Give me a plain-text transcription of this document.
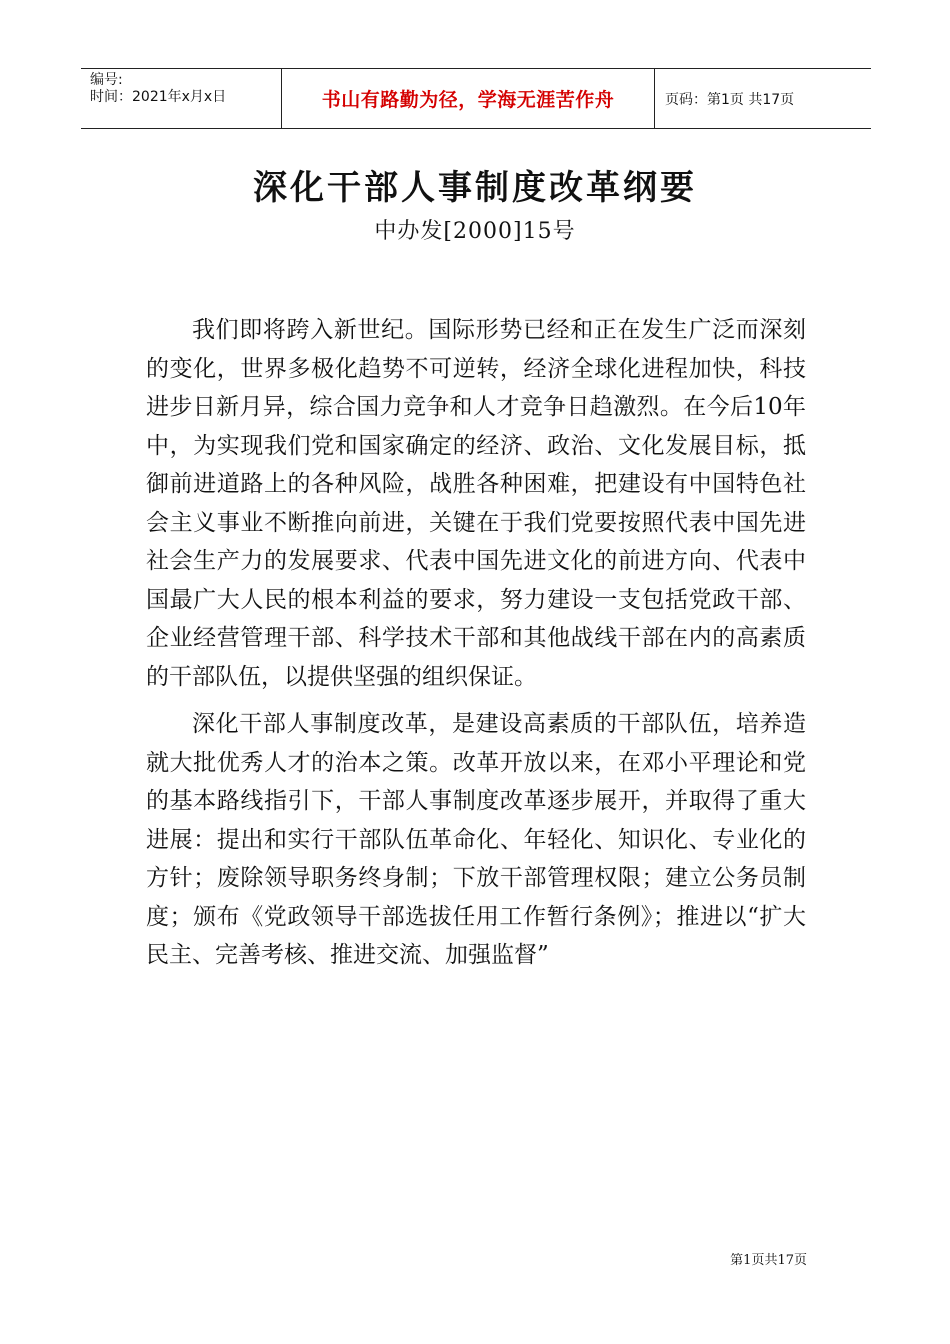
编号:
时间：2021年x月x日	书山有路勤为径，学海无涯苦作舟	页码：第1页 共17页
深化干部人事制度改革纲要
中办发[2000]15号

我们即将跨入新世纪。国际形势已经和正在发生广泛而深刻的变化，世界多极化趋势不可逆转，经济全球化进程加快，科技进步日新月异，综合国力竞争和人才竞争日趋激烈。在今后10年中，为实现我们党和国家确定的经济、政治、文化发展目标，抵御前进道路上的各种风险，战胜各种困难，把建设有中国特色社会主义事业不断推向前进，关键在于我们党要按照代表中国先进社会生产力的发展要求、代表中国先进文化的前进方向、代表中国最广大人民的根本利益的要求，努力建设一支包括党政干部、企业经营管理干部、科学技术干部和其他战线干部在内的高素质的干部队伍，以提供坚强的组织保证。

深化干部人事制度改革，是建设高素质的干部队伍，培养造就大批优秀人才的治本之策。改革开放以来，在邓小平理论和党的基本路线指引下，干部人事制度改革逐步展开，并取得了重大进展：提出和实行干部队伍革命化、年轻化、知识化、专业化的方针；废除领导职务终身制；下放干部管理权限；建立公务员制度；颁布《党政领导干部选拔任用工作暂行条例》；推进以“扩大民主、完善考核、推进交流、加强监督”

第1页共17页
